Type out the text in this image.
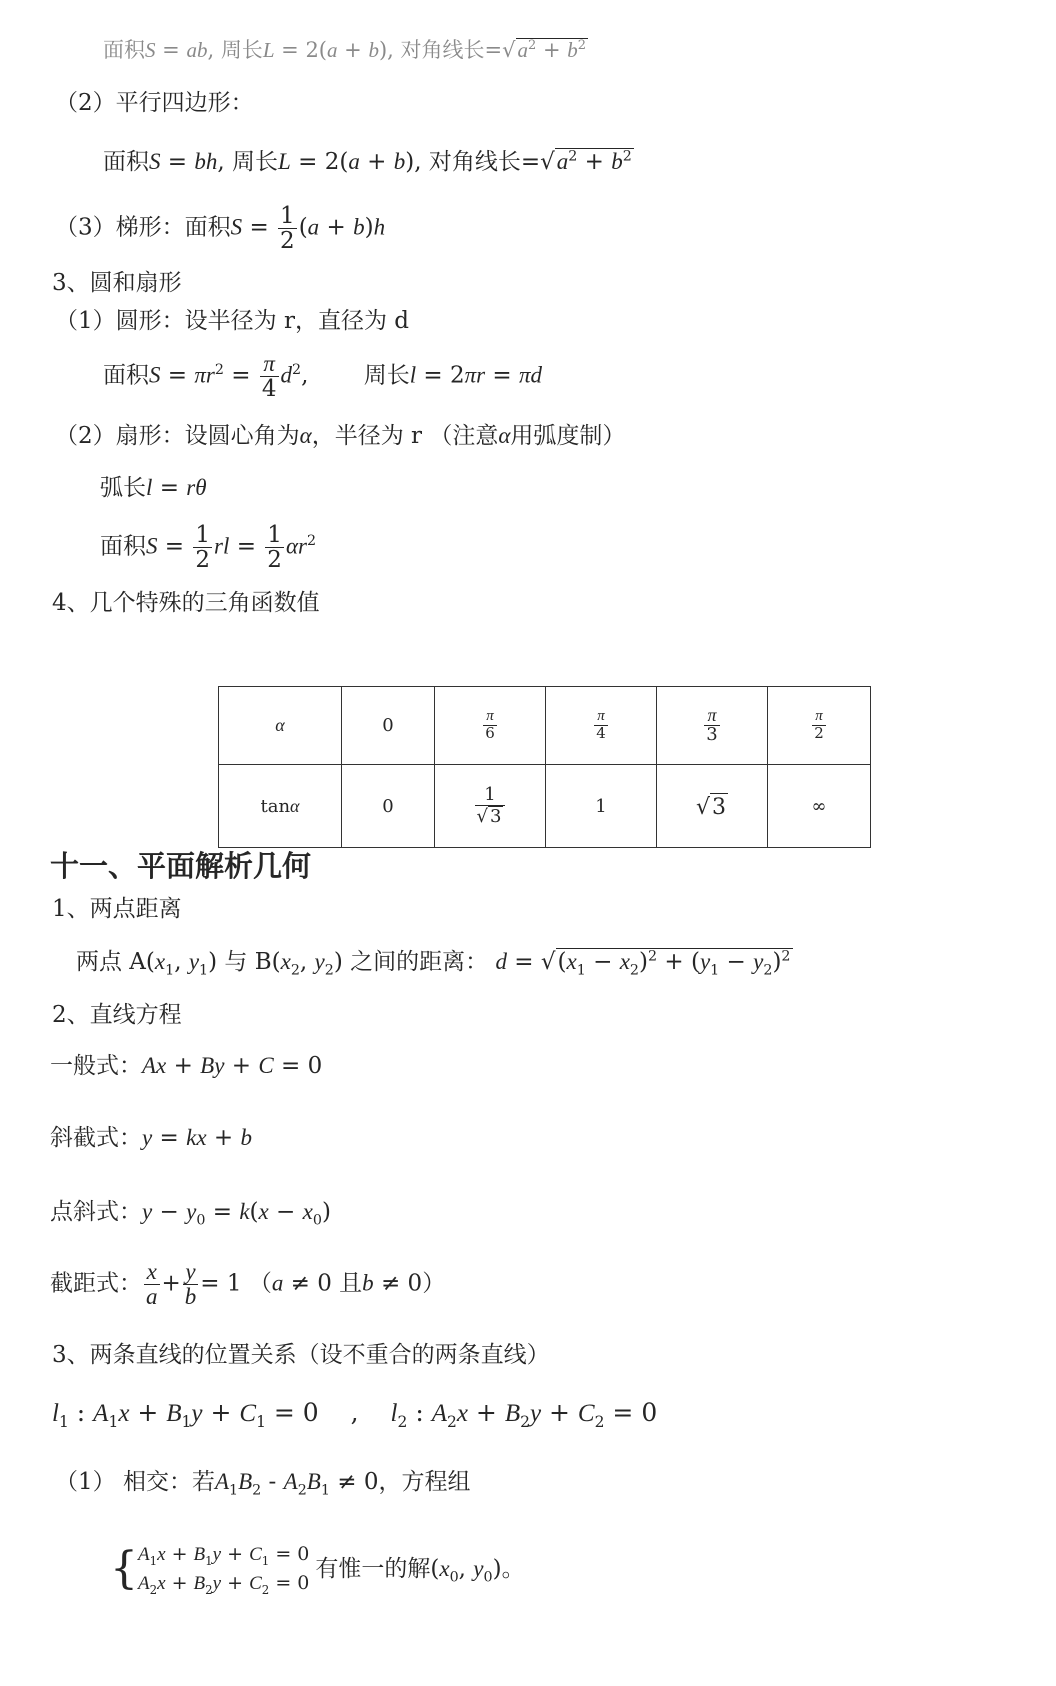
面积S = ab, 周长L = 2(a + b), 对角线长$=√a^2 + b^2$
（2）平行四边形：
面积S = bh, 周长L = 2(a + b), 对角线长$=√a^2 + b^2$
（3）梯形：面积$S = \frac{1}{2} (a + b)h$
3、圆和扇形
（1）圆形：设半径为 r，直径为 d
面积$S = \pi r^2 = \frac{\pi}{4} d^2$, 周长l = 2πr = πd
（2）扇形：设圆心角为α，半径为 r （注意α用弧度制）
弧长l = rθ
面积$S = \frac{1}{2}$ rl = $\frac{1}{2} \alpha r^2$
4、几个特殊的三角函数值
α	0	$\frac{\pi}{6}$	$\frac{\pi}{4}$	$\frac{\pi}{3}$	$\frac{\pi}{2}$

tanα	0	$\frac{1}{√ 3}$	1	√3	∞
十一、平面解析几何
1、两点距离
两点 $A(x_1$, $y_1$) 与 $B(x_2$, $y_2$) 之间的距离： $d = √(x_1 - x_2)^2 + (y_1 - y_2)^2$
2、直线方程
一般式：Ax + By + C = 0
斜截式：y = kx + b
点斜式：$y - y_0 = k(x - x_0)$
截距式： $\frac{x}{a} + \frac{y}{b} = 1$ （a ≠ 0 且b ≠ 0）
3、两条直线的位置关系（设不重合的两条直线）
$l_1$ : $A_1x + B_1y + C_1 = 0$ , $l_2$ : $A_2x + B_2y + C_2 = 0$
（1） 相交：若$A_1B_2 - A_2B_1 \ne 0$，方程组
{ $A_1x + B_1y + C_1 = 0$
$A_2x + B_2y + C_2 = 0$
有惟一的解($x_0$, $y_0$)。
